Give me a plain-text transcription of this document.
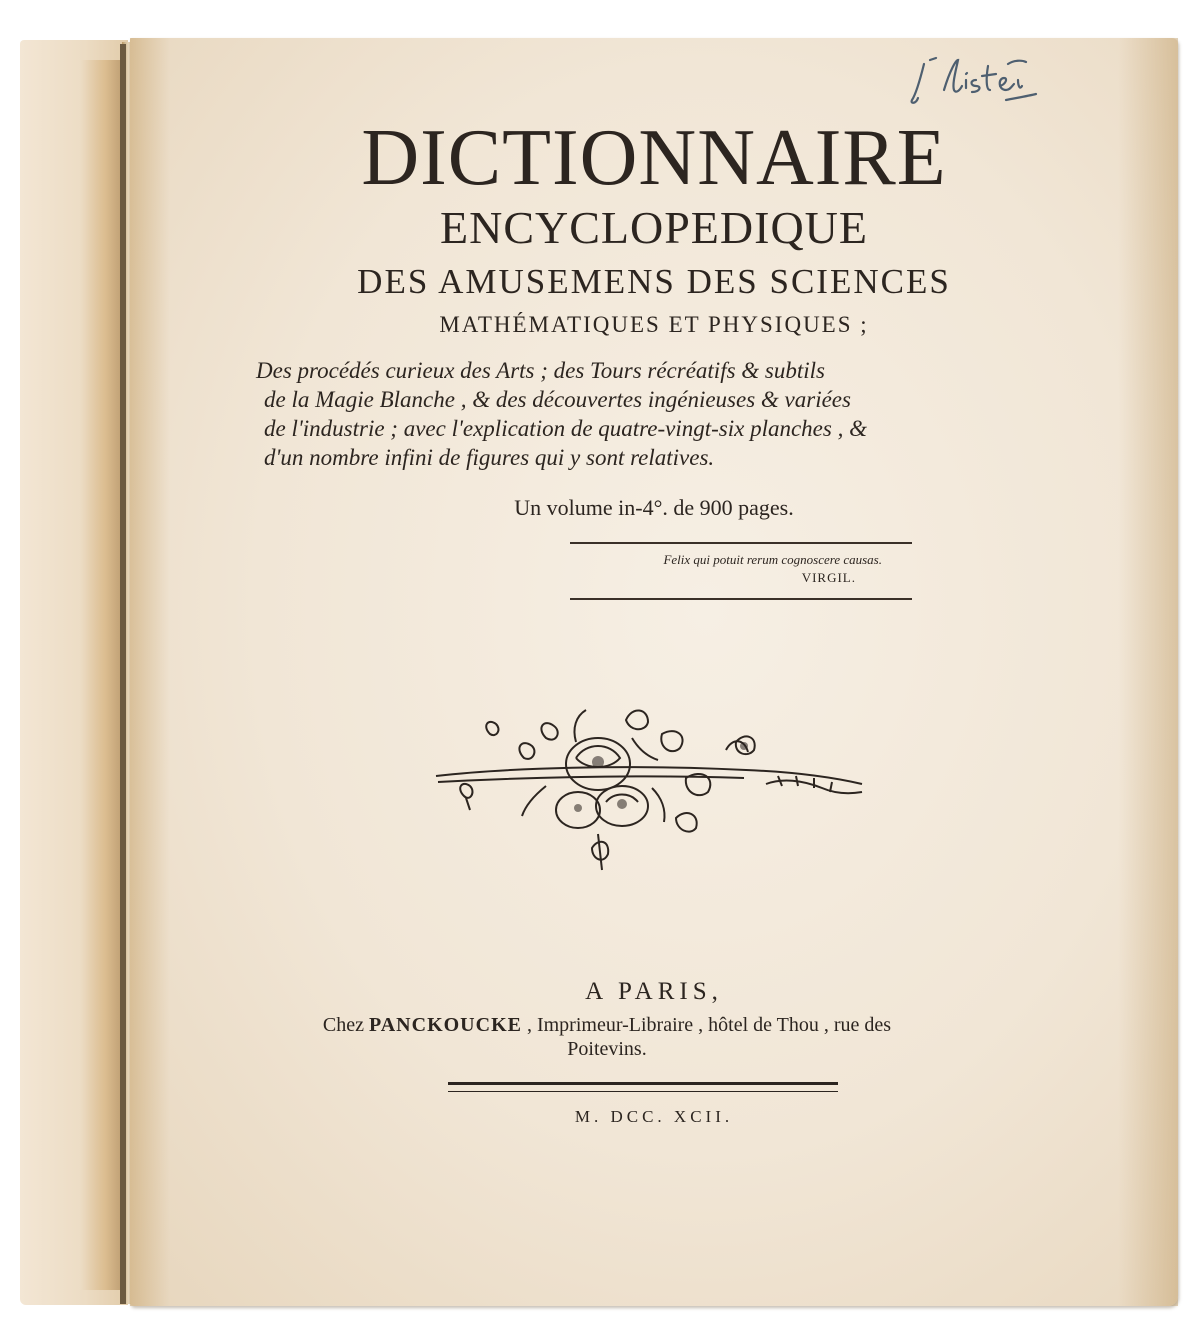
DICTIONNAIRE
ENCYCLOPEDIQUE
DES AMUSEMENS DES SCIENCES
MATHÉMATIQUES ET PHYSIQUES ;
Des procédés curieux des Arts ; des Tours récréatifs & subtils
de la Magie Blanche , & des découvertes ingénieuses & variées
de l'industrie ; avec l'explication de quatre-vingt-six planches , &
d'un nombre infini de figures qui y sont relatives.
Un volume in-4°. de 900 pages.
Felix qui potuit rerum cognoscere causas.
VIRGIL.
A PARIS,
Chez PANCKOUCKE , Imprimeur-Libraire , hôtel de Thou , rue des
Poitevins.
M. DCC. XCII.
